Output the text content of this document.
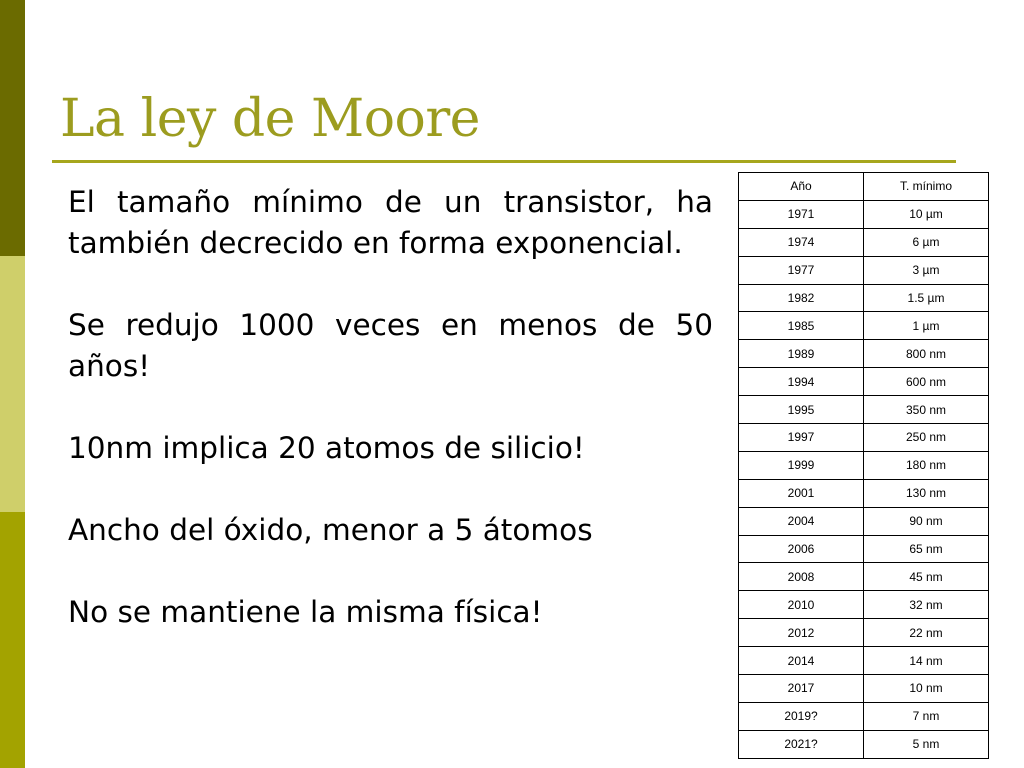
La ley de Moore

El tamaño mínimo de un transistor, ha también decrecido en forma exponencial.

Se redujo 1000 veces en menos de 50 años!

10nm implica 20 atomos de silicio!

Ancho del óxido, menor a 5 átomos

No se mantiene la misma física!

Año	T. mínimo
1971	10 µm
1974	6 µm
1977	3 µm
1982	1.5 µm
1985	1 µm
1989	800 nm
1994	600 nm
1995	350 nm
1997	250 nm
1999	180 nm
2001	130 nm
2004	90 nm
2006	65 nm
2008	45 nm
2010	32 nm
2012	22 nm
2014	14 nm
2017	10 nm
2019?	7 nm
2021?	5 nm
